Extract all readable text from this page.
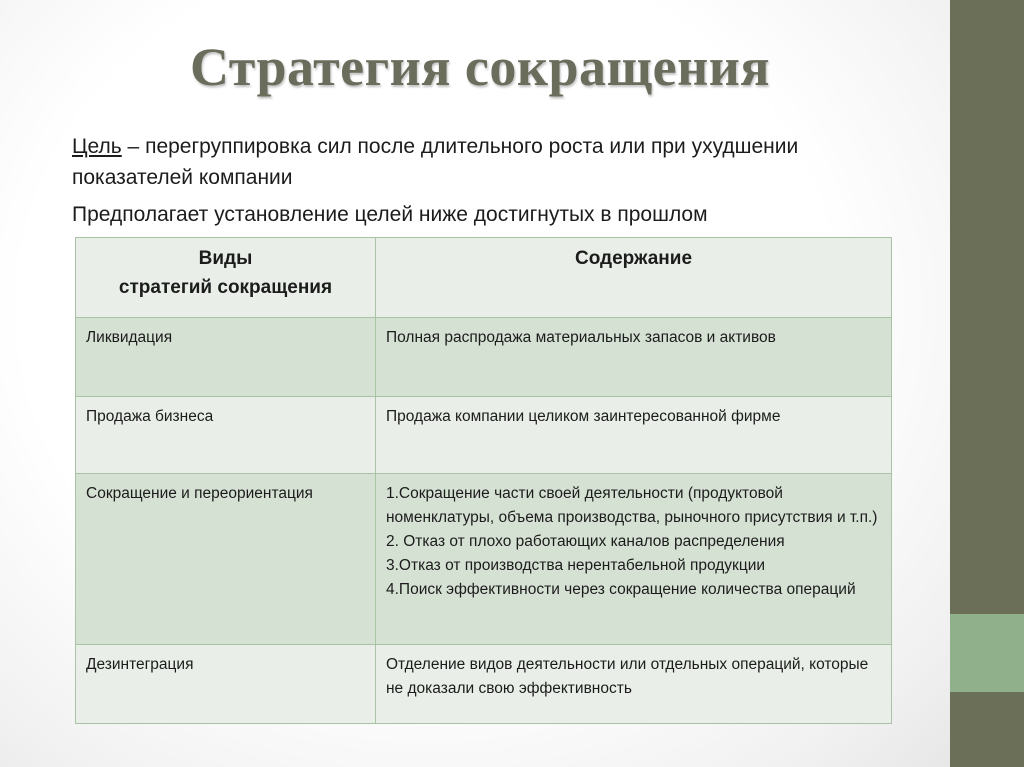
Стратегия сокращения
Цель – перегруппировка сил после длительного роста или при ухудшении показателей компании
Предполагает установление целей ниже достигнутых в прошлом
Виды
стратегий сокращения	Содержание

Ликвидация	Полная распродажа материальных запасов и активов

Продажа бизнеса	Продажа компании целиком заинтересованной фирме

Сокращение и переориентация	1.Сокращение части своей деятельности (продуктовой номенклатуры, объема производства, рыночного присутствия и т.п.)
2. Отказ от плохо работающих каналов распределения
3.Отказ от производства нерентабельной продукции
4.Поиск эффективности через сокращение количества операций

Дезинтеграция	Отделение видов деятельности или отдельных операций, которые не доказали свою эффективность
